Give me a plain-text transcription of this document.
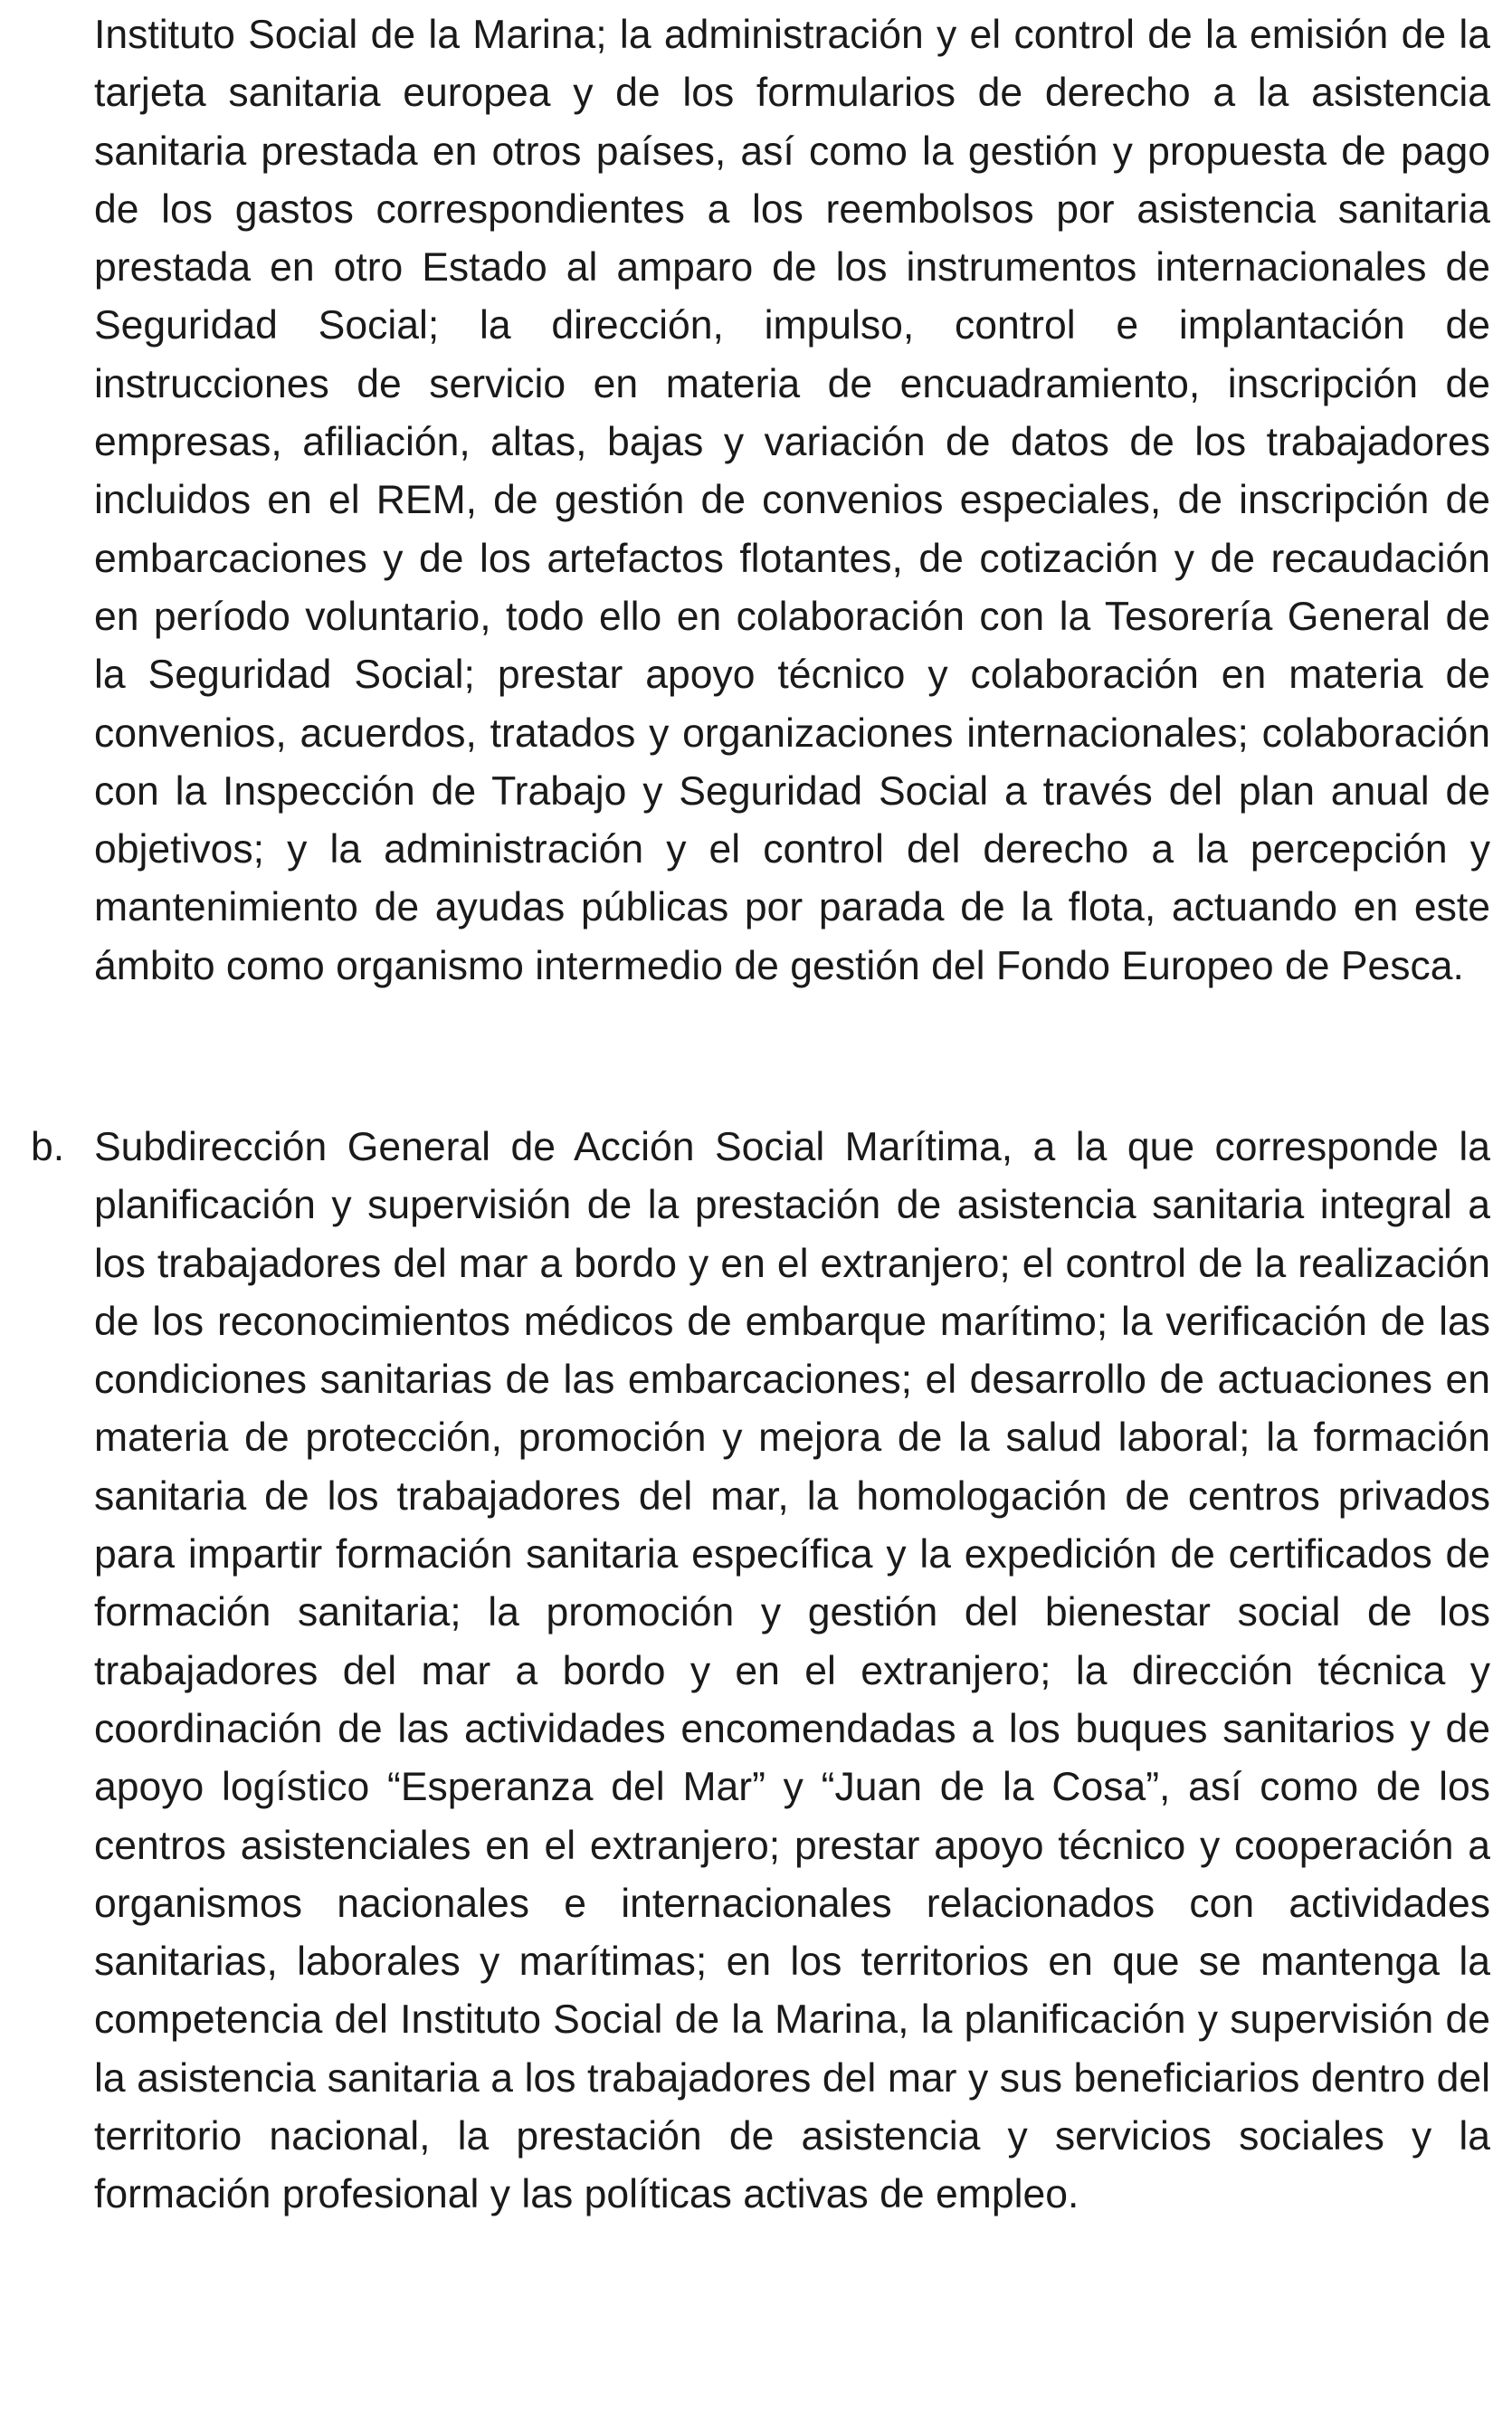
Instituto Social de la Marina; la administración y el control de la emisión de la tarjeta sanitaria europea y de los formularios de derecho a la asistencia sanitaria prestada en otros países, así como la gestión y propuesta de pago de los gastos correspondientes a los reembolsos por asistencia sanitaria prestada en otro Estado al amparo de los instrumentos internacionales de Seguridad Social; la dirección, impulso, control e implantación de instrucciones de servicio en materia de encuadramiento, inscripción de empresas, afiliación, altas, bajas y variación de datos de los trabajadores incluidos en el REM, de gestión de convenios especiales, de inscripción de embarcaciones y de los artefactos flotantes, de cotización y de recaudación en período voluntario, todo ello en colaboración con la Tesorería General de la Seguridad Social; prestar apoyo técnico y colaboración en materia de convenios, acuerdos, tratados y organizaciones internacionales; colaboración con la Inspección de Trabajo y Seguridad Social a través del plan anual de objetivos; y la administración y el control del derecho a la percepción y mantenimiento de ayudas públicas por parada de la flota, actuando en este ámbito como organismo intermedio de gestión del Fondo Europeo de Pesca.

b. Subdirección General de Acción Social Marítima, a la que corresponde la planificación y supervisión de la prestación de asistencia sanitaria integral a los trabajadores del mar a bordo y en el extranjero; el control de la realización de los reconocimientos médicos de embarque marítimo; la verificación de las condiciones sanitarias de las embarcaciones; el desarrollo de actuaciones en materia de protección, promoción y mejora de la salud laboral; la formación sanitaria de los trabajadores del mar, la homologación de centros privados para impartir formación sanitaria específica y la expedición de certificados de formación sanitaria; la promoción y gestión del bienestar social de los trabajadores del mar a bordo y en el extranjero; la dirección técnica y coordinación de las actividades encomendadas a los buques sanitarios y de apoyo logístico “Esperanza del Mar” y “Juan de la Cosa”, así como de los centros asistenciales en el extranjero; prestar apoyo técnico y cooperación a organismos nacionales e internacionales relacionados con actividades sanitarias, laborales y marítimas; en los territorios en que se mantenga la competencia del Instituto Social de la Marina, la planificación y supervisión de la asistencia sanitaria a los trabajadores del mar y sus beneficiarios dentro del territorio nacional, la prestación de asistencia y servicios sociales y la formación profesional y las políticas activas de empleo.
